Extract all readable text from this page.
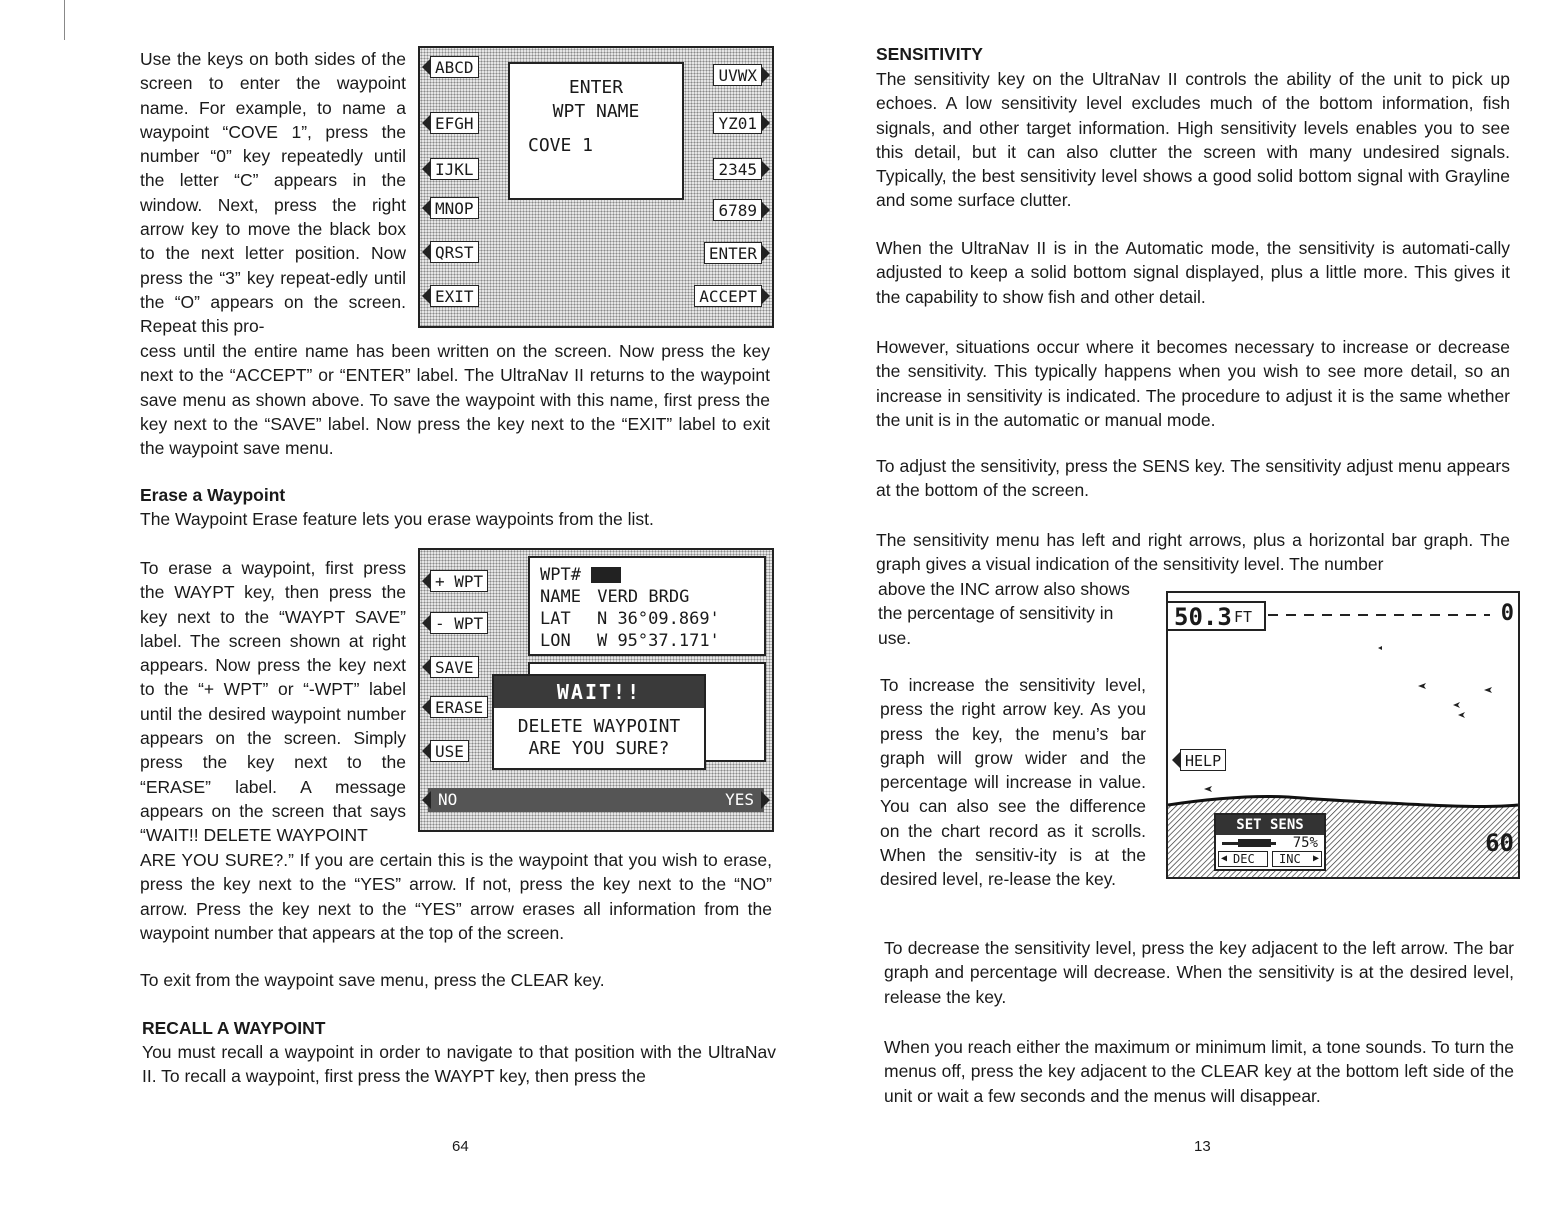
Use the keys on both sides of the screen to enter the waypoint name. For example, to name a waypoint “COVE 1”, press the number “0” key repeatedly until the letter “C” appears in the window. Next, press the right arrow key to move the black box to the next letter position. Now press the “3” key repeat-edly until the “O” appears on the screen. Repeat this pro-
ABCD
EFGH
IJKL
MNOP
QRST
EXIT
ENTER
WPT NAME
COVE 1
UVWX
YZ01
2345
6789
ENTER
ACCEPT
cess until the entire name has been written on the screen. Now press the key next to the “ACCEPT” or “ENTER” label. The UltraNav II returns to the waypoint save menu as shown above. To save the waypoint with this name, first press the key next to the “SAVE” label. Now press the key next to the “EXIT” label to exit the waypoint save menu.
Erase a Waypoint
The Waypoint Erase feature lets you erase waypoints from the list.
To erase a waypoint, first press the WAYPT key, then press the key next to the “WAYPT SAVE” label. The screen shown at right appears. Now press the key next to the “+ WPT” or “-WPT” label until the desired waypoint number appears on the screen. Simply press the key next to the “ERASE” label. A message appears on the screen that says “WAIT!! DELETE WAYPOINT
+ WPT
- WPT
SAVE
ERASE
USE
WPT#
NAME VERD BRDG
LAT N 36°09.869'
LON W 95°37.171'
WAIT!!
DELETE WAYPOINT
ARE YOU SURE?
NO	YES
ARE YOU SURE?.” If you are certain this is the waypoint that you wish to erase, press the key next to the “YES” arrow. If not, press the key next to the “NO” arrow. Press the key next to the “YES” arrow erases all information from the waypoint number that appears at the top of the screen.
To exit from the waypoint save menu, press the CLEAR key.
RECALL A WAYPOINT
You must recall a waypoint in order to navigate to that position with the UltraNav II. To recall a waypoint, first press the WAYPT key, then press the
64
SENSITIVITY
The sensitivity key on the UltraNav II controls the ability of the unit to pick up echoes. A low sensitivity level excludes much of the bottom information, fish signals, and other target information. High sensitivity levels enables you to see this detail, but it can also clutter the screen with many undesired signals. Typically, the best sensitivity level shows a good solid bottom signal with Grayline and some surface clutter.
When the UltraNav II is in the Automatic mode, the sensitivity is automati-cally adjusted to keep a solid bottom signal displayed, plus a little more. This gives it the capability to show fish and other detail.
However, situations occur where it becomes necessary to increase or decrease the sensitivity. This typically happens when you wish to see more detail, so an increase in sensitivity is indicated. The procedure to adjust it is the same whether the unit is in the automatic or manual mode.
To adjust the sensitivity, press the SENS key. The sensitivity adjust menu appears at the bottom of the screen.
The sensitivity menu has left and right arrows, plus a horizontal bar graph. The graph gives a visual indication of the sensitivity level. The number
above the INC arrow also shows the percentage of sensitivity in use.
To increase the sensitivity level, press the right arrow key. As you press the key, the menu’s bar graph will grow wider and the percentage will increase in value. You can also see the difference on the chart record as it scrolls. When the sensitiv-ity is at the desired level, re-lease the key.
50.3 FT	0
HELP
60
SET SENS
75%
◀ DEC INC ▶
To decrease the sensitivity level, press the key adjacent to the left arrow. The bar graph and percentage will decrease. When the sensitivity is at the desired level, release the key.
When you reach either the maximum or minimum limit, a tone sounds. To turn the menus off, press the key adjacent to the CLEAR key at the bottom left side of the unit or wait a few seconds and the menus will disappear.
13
